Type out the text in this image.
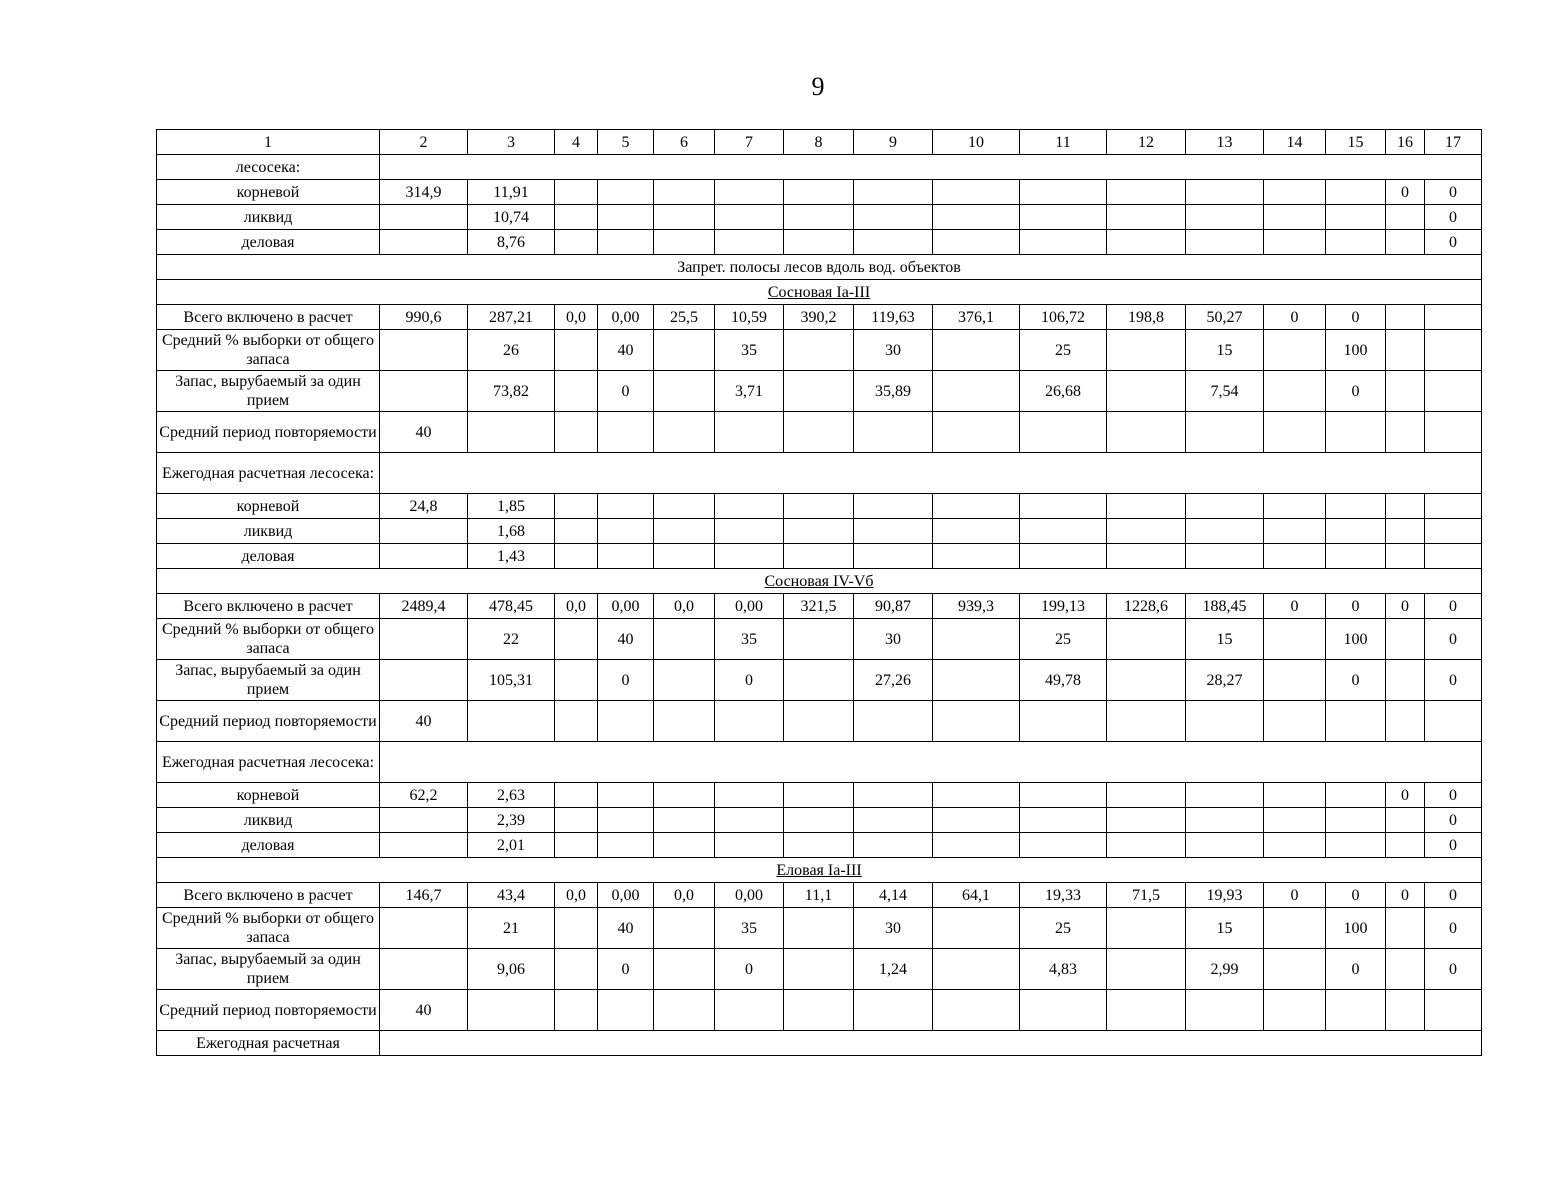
9
1	2	3	4	5	6	7	8	9	10	11	12	13	14	15	16	17
лесосека:																
корневой	314,9	11,91													0	0
ликвид		10,74														0
деловая		8,76														0
Запрет. полосы лесов вдоль вод. объектов																
Сосновая Ia-III																
Всего включено в расчет	990,6	287,21	0,0	0,00	25,5	10,59	390,2	119,63	376,1	106,72	198,8	50,27	0	0		
Средний % выборки от общего запаса		26		40		35		30		25		15		100		
Запас, вырубаемый за один прием		73,82		0		3,71		35,89		26,68		7,54		0		
Средний период повторяемости	40															
Ежегодная расчетная лесосека:																
корневой	24,8	1,85														
ликвид		1,68														
деловая		1,43														
Сосновая IV-Vб																
Всего включено в расчет	2489,4	478,45	0,0	0,00	0,0	0,00	321,5	90,87	939,3	199,13	1228,6	188,45	0	0	0	0
Средний % выборки от общего запаса		22		40		35		30		25		15		100		0
Запас, вырубаемый за один прием		105,31		0		0		27,26		49,78		28,27		0		0
Средний период повторяемости	40															
Ежегодная расчетная лесосека:																
корневой	62,2	2,63													0	0
ликвид		2,39														0
деловая		2,01														0
Еловая Ia-III																
Всего включено в расчет	146,7	43,4	0,0	0,00	0,0	0,00	11,1	4,14	64,1	19,33	71,5	19,93	0	0	0	0
Средний % выборки от общего запаса		21		40		35		30		25		15		100		0
Запас, вырубаемый за один прием		9,06		0		0		1,24		4,83		2,99		0		0
Средний период повторяемости	40															
Ежегодная расчетная																
